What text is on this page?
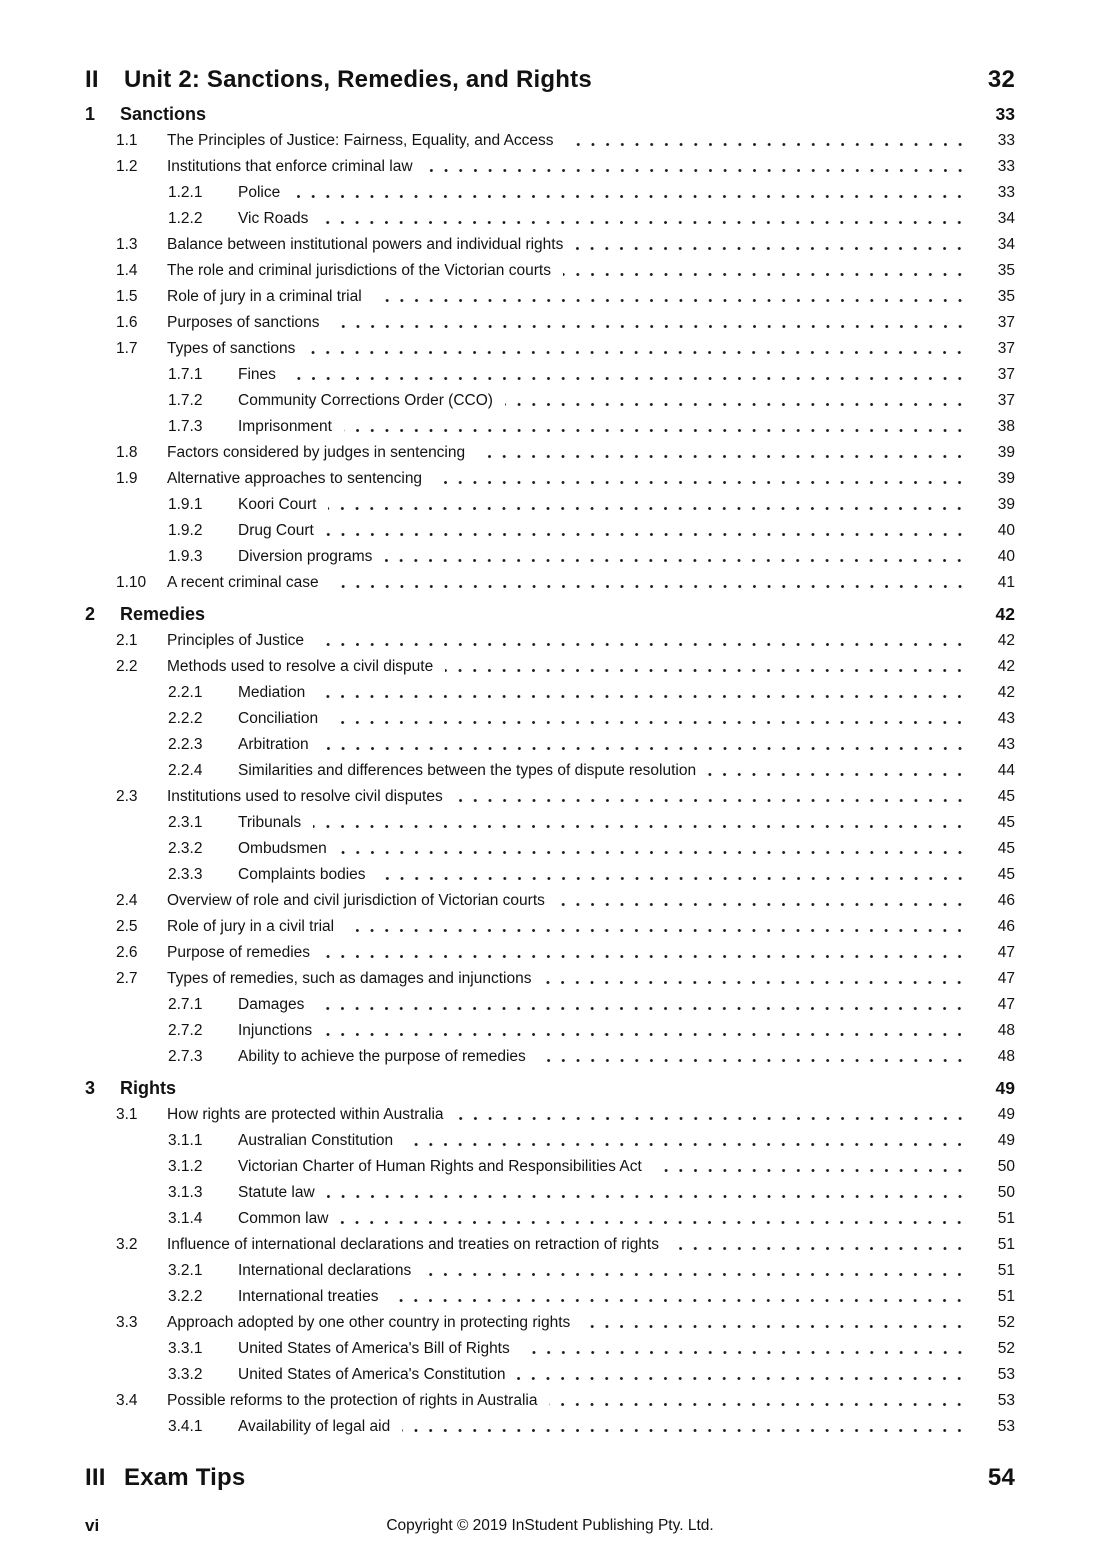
II	Unit 2: Sanctions, Remedies, and Rights	32
1	Sanctions	33
1.1	The Principles of Justice: Fairness, Equality, and Access	33
1.2	Institutions that enforce criminal law	33
1.2.1	Police	33
1.2.2	Vic Roads	34
1.3	Balance between institutional powers and individual rights	34
1.4	The role and criminal jurisdictions of the Victorian courts	35
1.5	Role of jury in a criminal trial	35
1.6	Purposes of sanctions	37
1.7	Types of sanctions	37
1.7.1	Fines	37
1.7.2	Community Corrections Order (CCO)	37
1.7.3	Imprisonment	38
1.8	Factors considered by judges in sentencing	39
1.9	Alternative approaches to sentencing	39
1.9.1	Koori Court	39
1.9.2	Drug Court	40
1.9.3	Diversion programs	40
1.10	A recent criminal case	41
2	Remedies	42
2.1	Principles of Justice	42
2.2	Methods used to resolve a civil dispute	42
2.2.1	Mediation	42
2.2.2	Conciliation	43
2.2.3	Arbitration	43
2.2.4	Similarities and differences between the types of dispute resolution	44
2.3	Institutions used to resolve civil disputes	45
2.3.1	Tribunals	45
2.3.2	Ombudsmen	45
2.3.3	Complaints bodies	45
2.4	Overview of role and civil jurisdiction of Victorian courts	46
2.5	Role of jury in a civil trial	46
2.6	Purpose of remedies	47
2.7	Types of remedies, such as damages and injunctions	47
2.7.1	Damages	47
2.7.2	Injunctions	48
2.7.3	Ability to achieve the purpose of remedies	48
3	Rights	49
3.1	How rights are protected within Australia	49
3.1.1	Australian Constitution	49
3.1.2	Victorian Charter of Human Rights and Responsibilities Act	50
3.1.3	Statute law	50
3.1.4	Common law	51
3.2	Influence of international declarations and treaties on retraction of rights	51
3.2.1	International declarations	51
3.2.2	International treaties	51
3.3	Approach adopted by one other country in protecting rights	52
3.3.1	United States of America's Bill of Rights	52
3.3.2	United States of America's Constitution	53
3.4	Possible reforms to the protection of rights in Australia	53
3.4.1	Availability of legal aid	53
III Exam Tips	54
vi	Copyright © 2019 InStudent Publishing Pty. Ltd.
